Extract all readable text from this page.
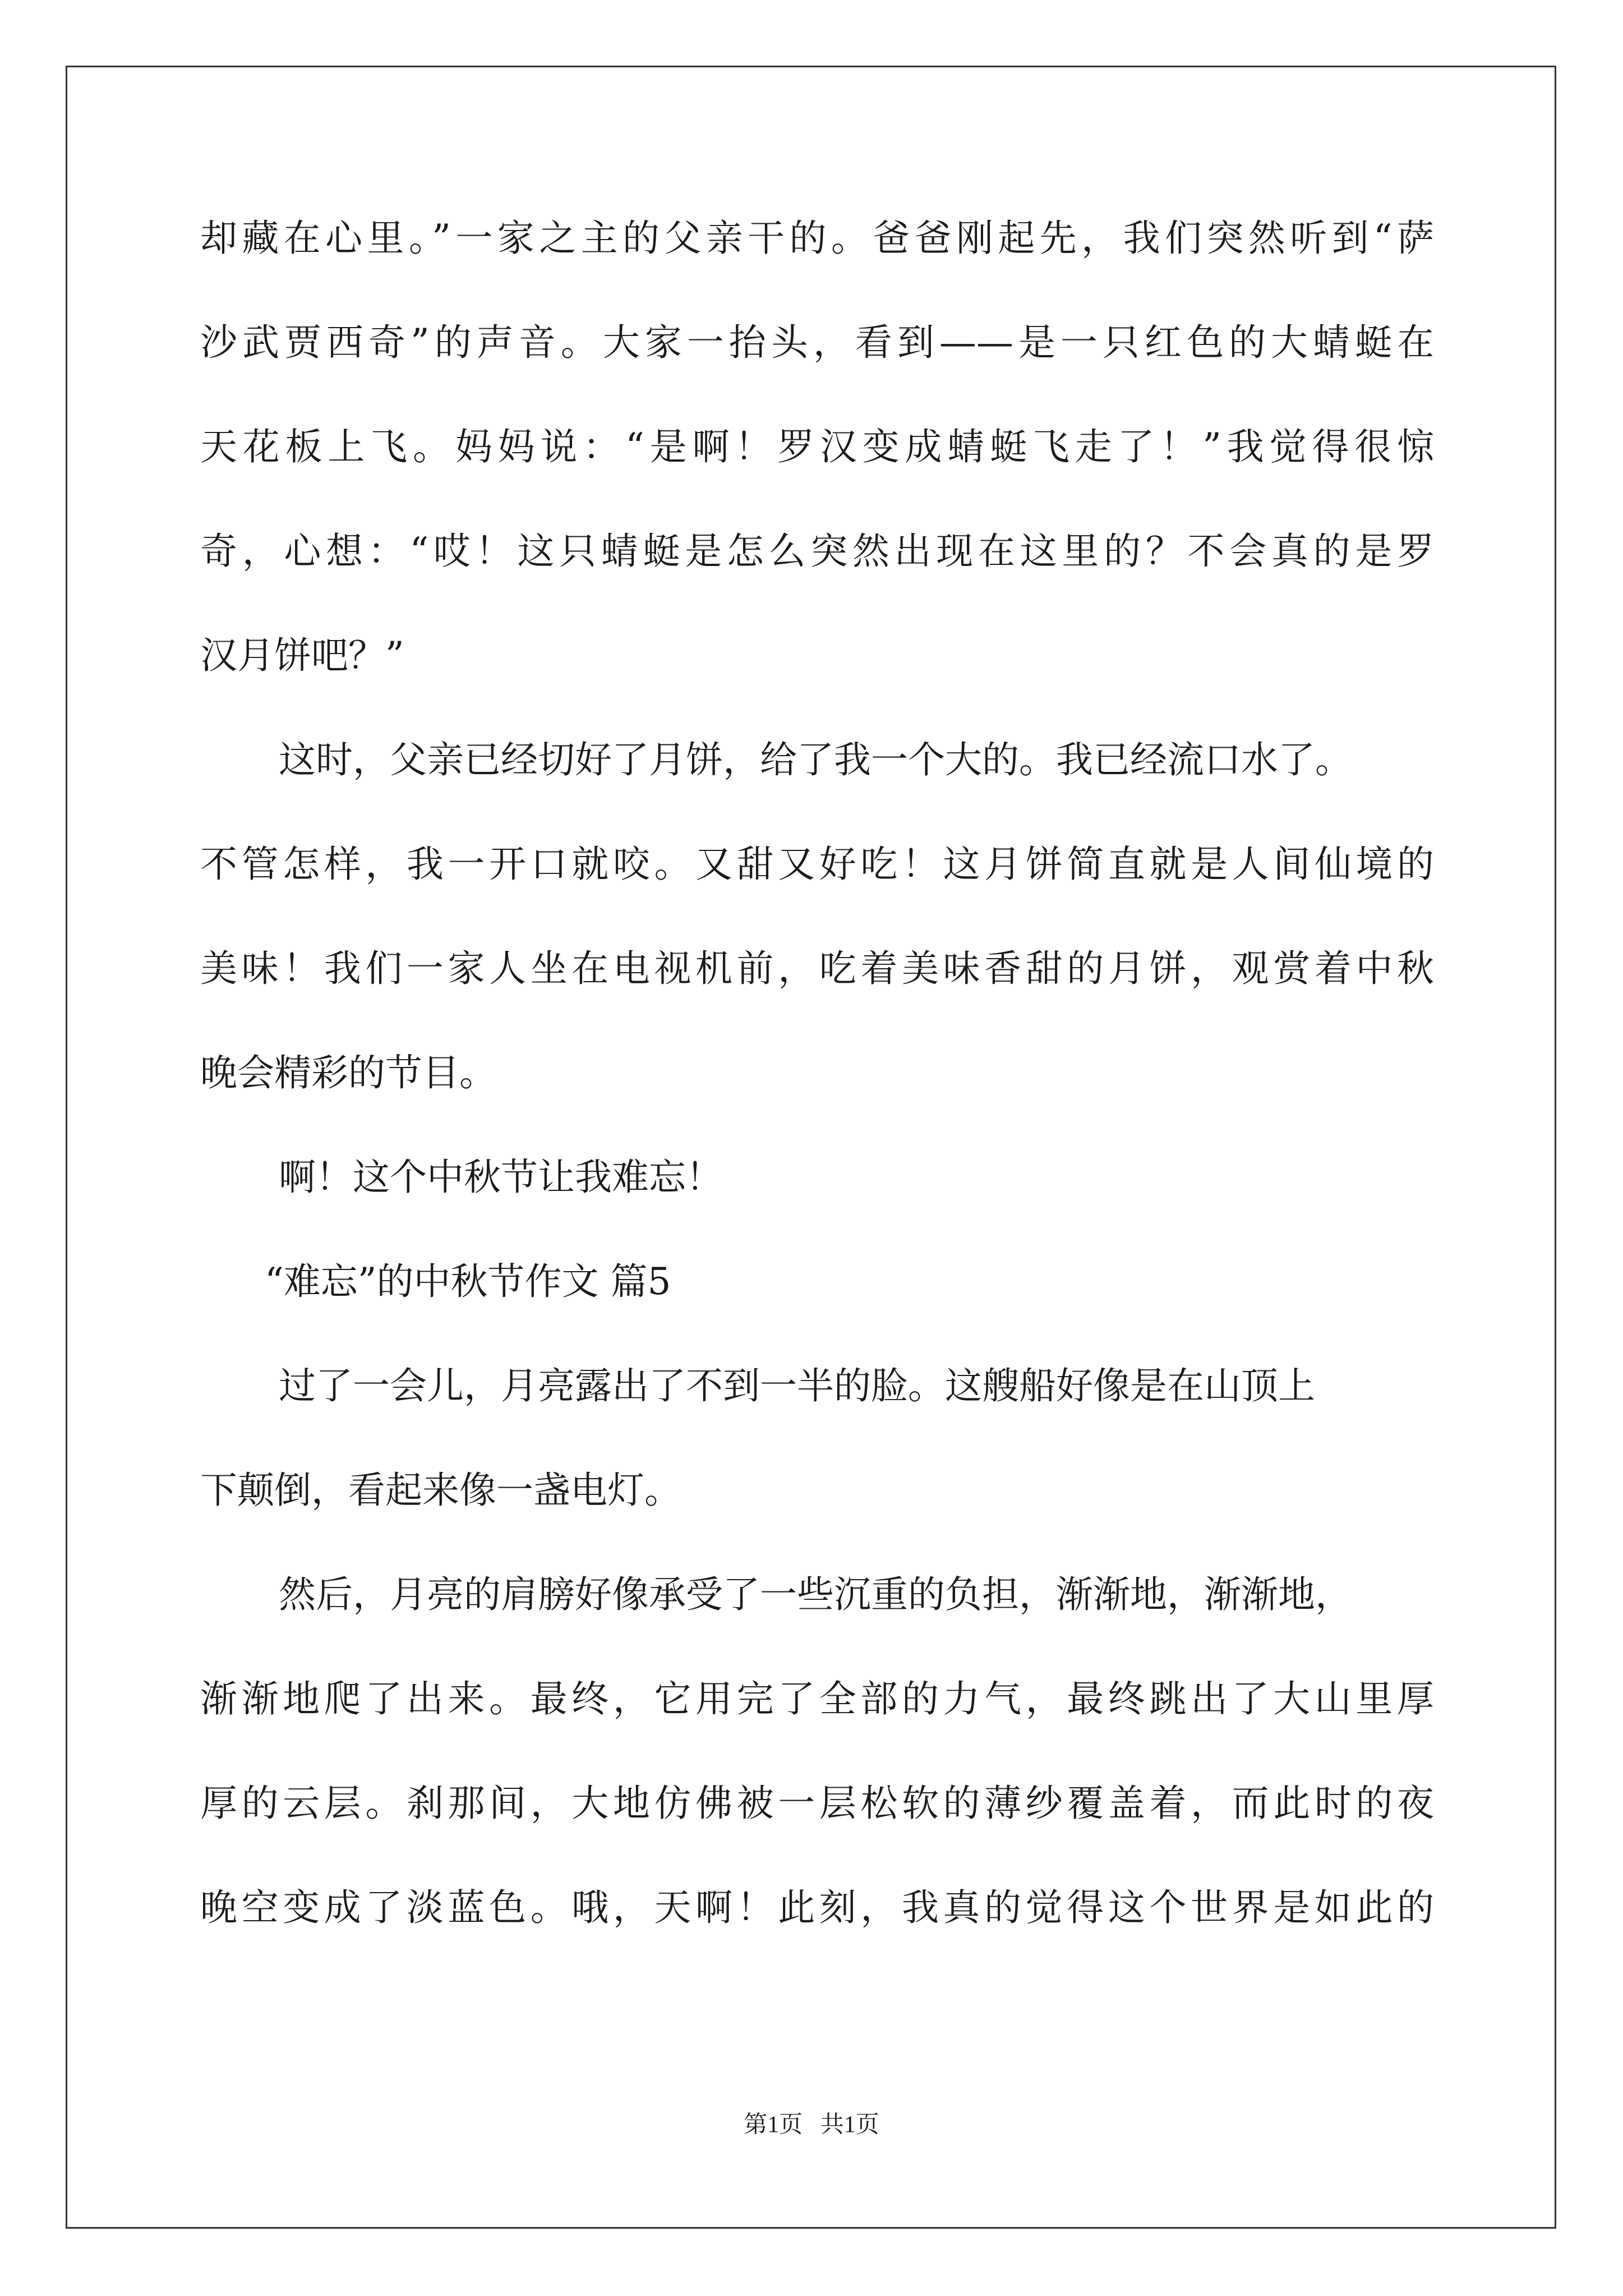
却藏在心里。”一家之主的父亲干的。爸爸刚起先，我们突然听到“萨
沙武贾西奇”的声音。大家一抬头，看到——是一只红色的大蜻蜓在
天花板上飞。妈妈说：“是啊！罗汉变成蜻蜓飞走了！”我觉得很惊
奇，心想：“哎！这只蜻蜓是怎么突然出现在这里的？不会真的是罗
汉月饼吧？”
这时，父亲已经切好了月饼，给了我一个大的。我已经流口水了。
不管怎样，我一开口就咬。又甜又好吃！这月饼简直就是人间仙境的
美味！我们一家人坐在电视机前，吃着美味香甜的月饼，观赏着中秋
晚会精彩的节目。
啊！这个中秋节让我难忘！
“难忘”的中秋节作文 篇5
过了一会儿，月亮露出了不到一半的脸。这艘船好像是在山顶上
下颠倒，看起来像一盏电灯。
然后，月亮的肩膀好像承受了一些沉重的负担，渐渐地，渐渐地，
渐渐地爬了出来。最终，它用完了全部的力气，最终跳出了大山里厚
厚的云层。刹那间，大地仿佛被一层松软的薄纱覆盖着，而此时的夜
晚空变成了淡蓝色。哦，天啊！此刻，我真的觉得这个世界是如此的
第1页   共1页
